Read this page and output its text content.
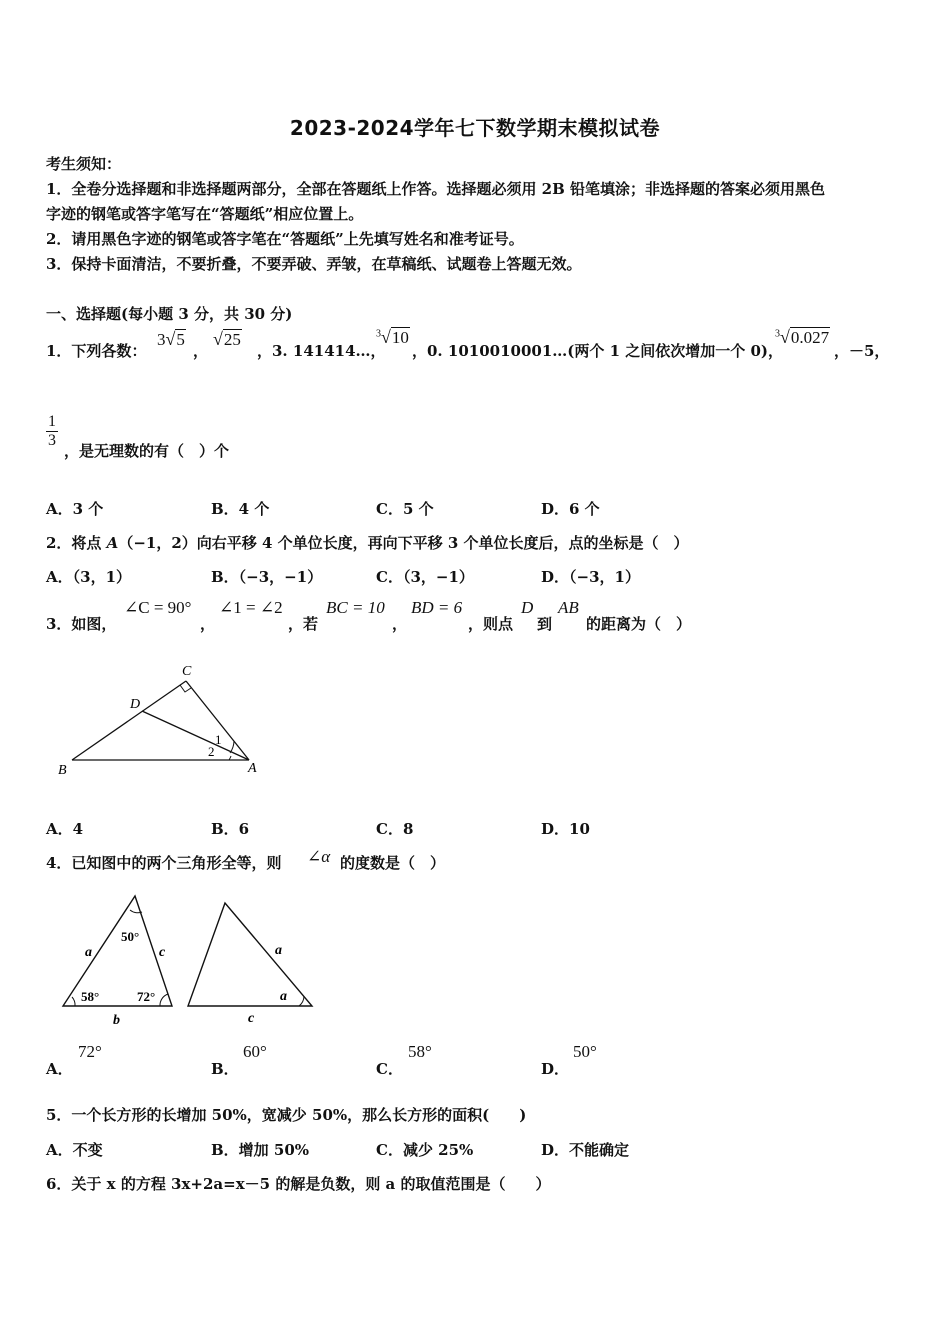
2023-2024学年七下数学期末模拟试卷
考生须知：
1．全卷分选择题和非选择题两部分，全部在答题纸上作答。选择题必须用 2B 铅笔填涂；非选择题的答案必须用黑色
字迹的钢笔或答字笔写在“答题纸”相应位置上。
2．请用黑色字迹的钢笔或答字笔在“答题纸”上先填写姓名和准考证号。
3．保持卡面清洁，不要折叠，不要弄破、弄皱，在草稿纸、试题卷上答题无效。
一、选择题(每小题 3 分，共 30 分)
1．下列各数：
3√5
，
√25
，3. 141414…，
$^3$√10
，0. 1010010001…(两个 1 之间依次增加一个 0)，
$^3$√0.027
，－5，
$\frac{1}{3}$
，是无理数的有（　）个
A．3 个	B．4 个	C．5 个	D．6 个
2．将点 A（−1，2）向右平移 4 个单位长度，再向下平移 3 个单位长度后，点的坐标是（　）
A．（3，1）	B．（−3，−1）	C．（3，−1）	D．（−3，1）
3．如图，
∠C = 90°
，
∠1 = ∠2
，若
BC = 10
，
BD = 6
，则点
D
到
AB
的距离为（　）
B
C
D
A
1
2
A．4	B．6	C．8	D．10
4．已知图中的两个三角形全等，则 ∠α 的度数是（　）
50°
58°	72°
a	c
b
a
a
c
A．
72°
B．
60°
C．
58°
D．
50°
5．一个长方形的长增加 50%，宽减少 50%，那么长方形的面积(　　)
A．不变	B．增加 50%	C．减少 25%	D．不能确定
6．关于 x 的方程 3x+2a=x－5 的解是负数，则 a 的取值范围是（　　）
